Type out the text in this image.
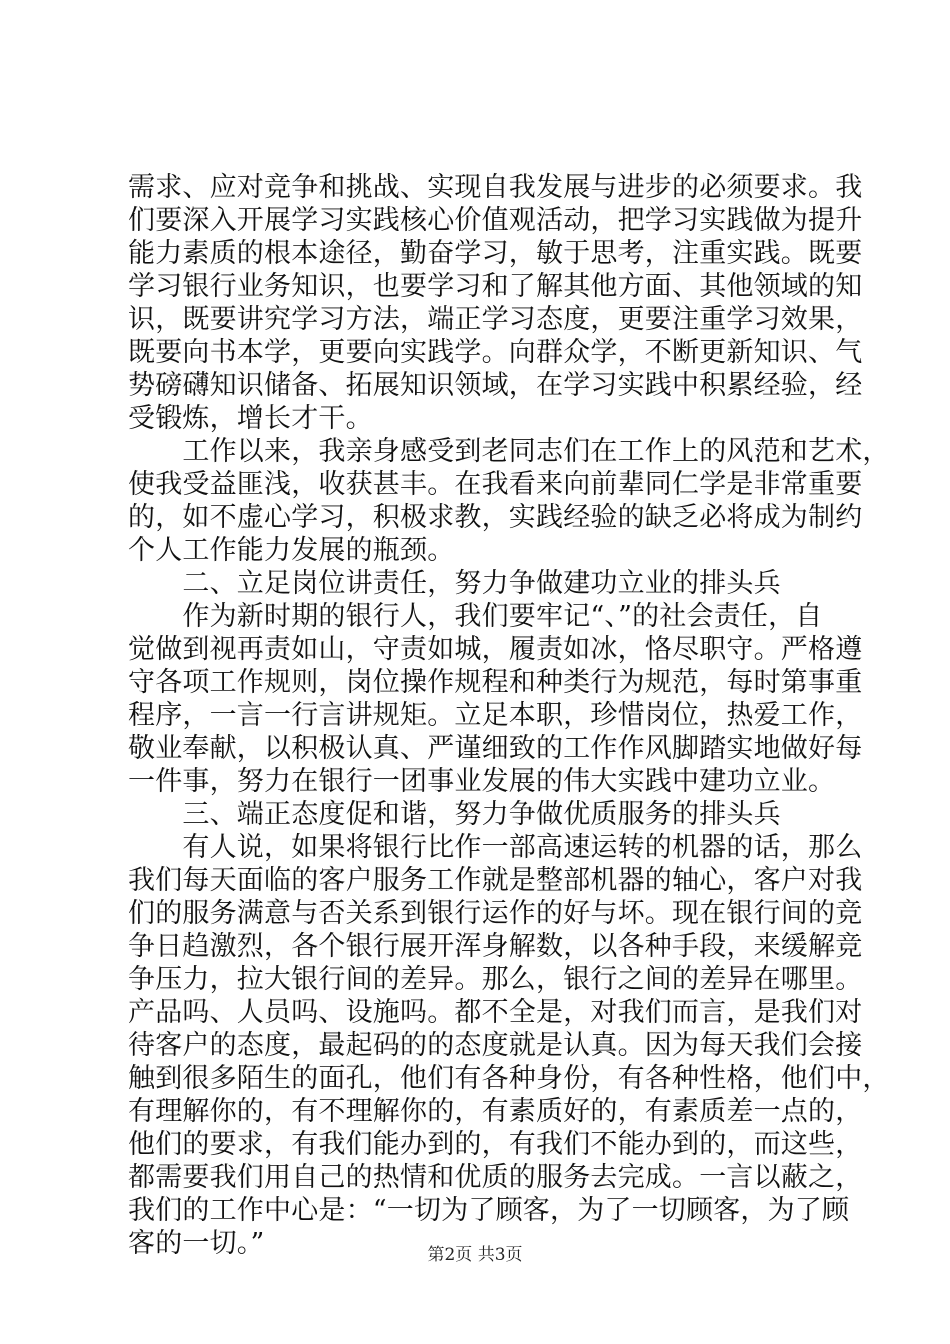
需求、应对竞争和挑战、实现自我发展与进步的必须要求。我
们要深入开展学习实践核心价值观活动，把学习实践做为提升
能力素质的根本途径，勤奋学习，敏于思考，注重实践。既要
学习银行业务知识，也要学习和了解其他方面、其他领域的知
识，既要讲究学习方法，端正学习态度，更要注重学习效果，
既要向书本学，更要向实践学。向群众学，不断更新知识、气
势磅礴知识储备、拓展知识领域，在学习实践中积累经验，经
受锻炼，增长才干。
　　工作以来，我亲身感受到老同志们在工作上的风范和艺术，
使我受益匪浅，收获甚丰。在我看来向前辈同仁学是非常重要
的，如不虚心学习，积极求教，实践经验的缺乏必将成为制约
个人工作能力发展的瓶颈。
　　二、立足岗位讲责任，努力争做建功立业的排头兵
　　作为新时期的银行人，我们要牢记“、”的社会责任，自
觉做到视再责如山，守责如城，履责如冰，恪尽职守。严格遵
守各项工作规则，岗位操作规程和种类行为规范，每时第事重
程序，一言一行言讲规矩。立足本职，珍惜岗位，热爱工作，
敬业奉献，以积极认真、严谨细致的工作作风脚踏实地做好每
一件事，努力在银行一团事业发展的伟大实践中建功立业。
　　三、端正态度促和谐，努力争做优质服务的排头兵
　　有人说，如果将银行比作一部高速运转的机器的话，那么
我们每天面临的客户服务工作就是整部机器的轴心，客户对我
们的服务满意与否关系到银行运作的好与坏。现在银行间的竞
争日趋激烈，各个银行展开浑身解数，以各种手段，来缓解竞
争压力，拉大银行间的差异。那么，银行之间的差异在哪里。
产品吗、人员吗、设施吗。都不全是，对我们而言，是我们对
待客户的态度，最起码的的态度就是认真。因为每天我们会接
触到很多陌生的面孔，他们有各种身份，有各种性格，他们中，
有理解你的，有不理解你的，有素质好的，有素质差一点的，
他们的要求，有我们能办到的，有我们不能办到的，而这些，
都需要我们用自己的热情和优质的服务去完成。一言以蔽之，
我们的工作中心是：“一切为了顾客，为了一切顾客，为了顾
客的一切。”	第2页 共3页
